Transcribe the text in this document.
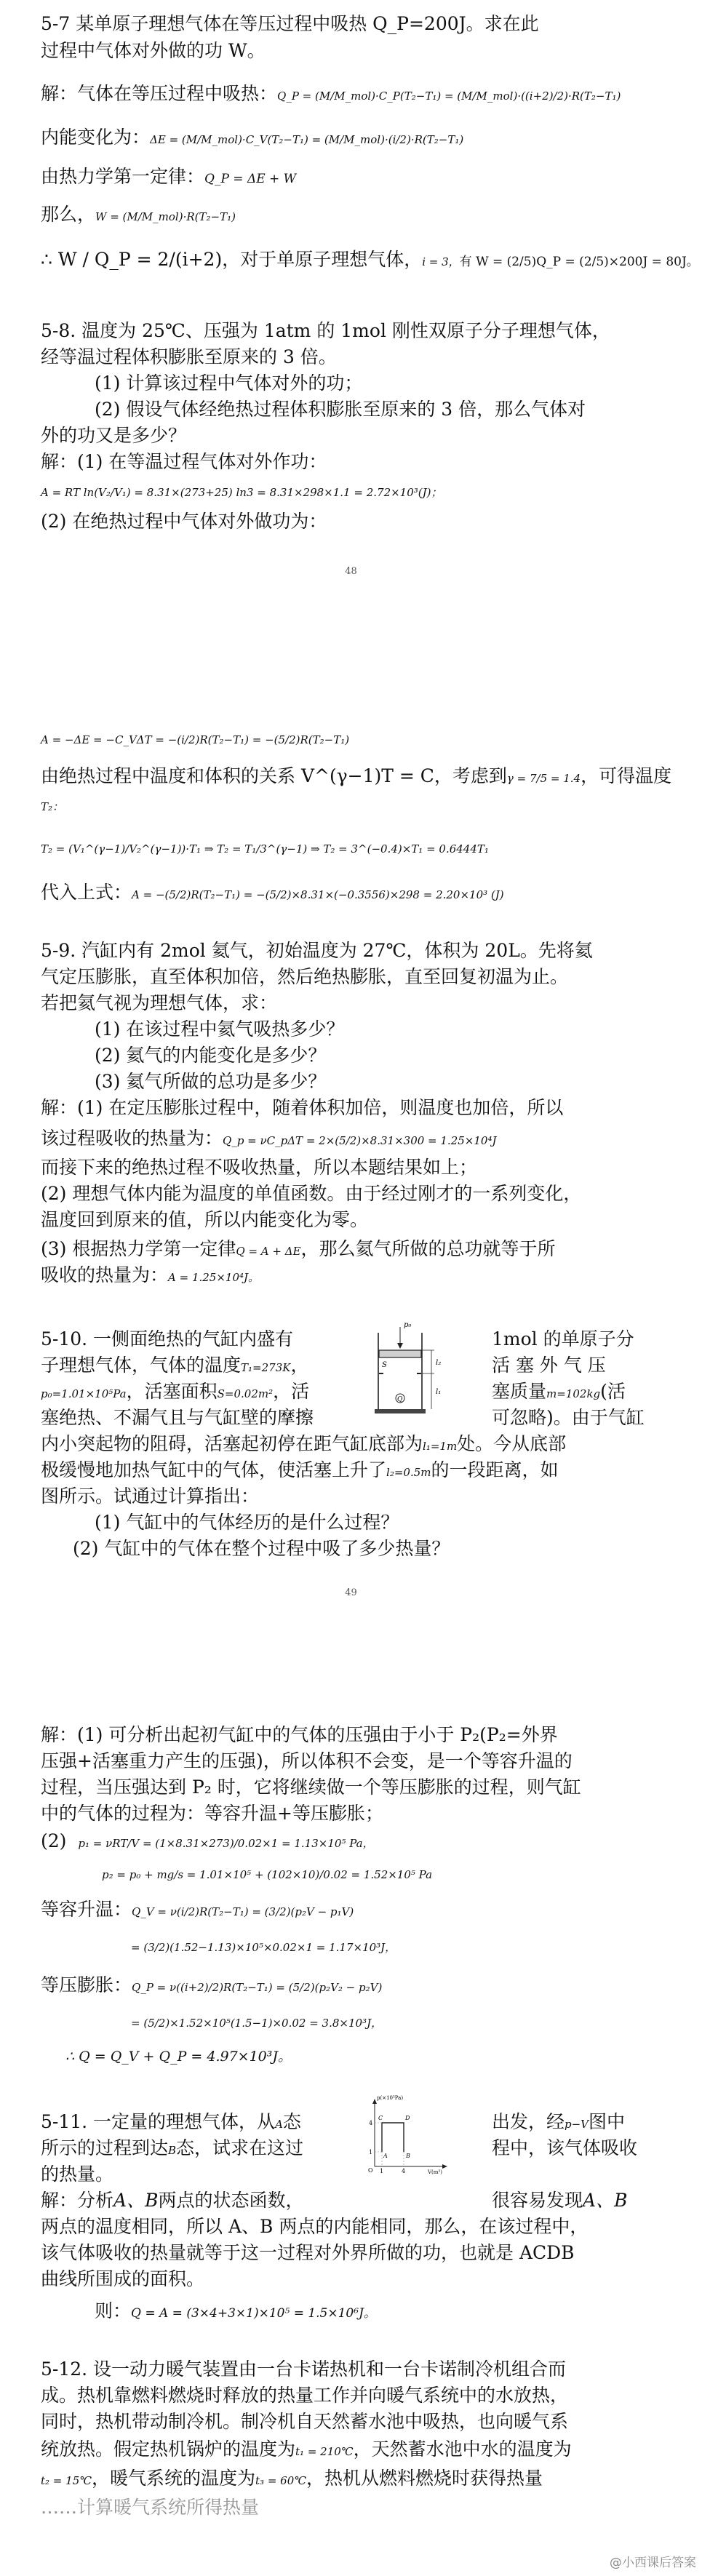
5-7 某单原子理想气体在等压过程中吸热 Q_P=200J。求在此
过程中气体对外做的功 W。
解：气体在等压过程中吸热：Q_P = (M/M_mol)·C_P(T₂−T₁) = (M/M_mol)·((i+2)/2)·R(T₂−T₁)
内能变化为：ΔE = (M/M_mol)·C_V(T₂−T₁) = (M/M_mol)·(i/2)·R(T₂−T₁)
由热力学第一定律：Q_P = ΔE + W
那么，W = (M/M_mol)·R(T₂−T₁)
∴ W / Q_P = 2/(i+2)，对于单原子理想气体，i = 3，有 W = (2/5)Q_P = (2/5)×200J = 80J。
5-8. 温度为 25℃、压强为 1atm 的 1mol 刚性双原子分子理想气体，
经等温过程体积膨胀至原来的 3 倍。
(1) 计算该过程中气体对外的功；
(2) 假设气体经绝热过程体积膨胀至原来的 3 倍，那么气体对
外的功又是多少？
解：(1) 在等温过程气体对外作功：
A = RT ln(V₂/V₁) = 8.31×(273+25) ln3 = 8.31×298×1.1 = 2.72×10³(J)；
(2) 在绝热过程中气体对外做功为：
48
A = −ΔE = −C_VΔT = −(i/2)R(T₂−T₁) = −(5/2)R(T₂−T₁)
由绝热过程中温度和体积的关系 V^(γ−1)T = C，考虑到γ = 7/5 = 1.4，可得温度
T₂：
T₂ = (V₁^(γ−1)/V₂^(γ−1))·T₁ ⇒ T₂ = T₁/3^(γ−1) ⇒ T₂ = 3^(−0.4)×T₁ = 0.6444T₁
代入上式：A = −(5/2)R(T₂−T₁) = −(5/2)×8.31×(−0.3556)×298 = 2.20×10³ (J)
5-9. 汽缸内有 2mol 氦气，初始温度为 27℃，体积为 20L。先将氦
气定压膨胀，直至体积加倍，然后绝热膨胀，直至回复初温为止。
若把氦气视为理想气体，求：
(1) 在该过程中氦气吸热多少？
(2) 氦气的内能变化是多少？
(3) 氦气所做的总功是多少？
解：(1) 在定压膨胀过程中，随着体积加倍，则温度也加倍，所以
该过程吸收的热量为：Q_p = νC_pΔT = 2×(5/2)×8.31×300 = 1.25×10⁴J
而接下来的绝热过程不吸收热量，所以本题结果如上；
(2) 理想气体内能为温度的单值函数。由于经过刚才的一系列变化，
温度回到原来的值，所以内能变化为零。
(3) 根据热力学第一定律Q = A + ΔE，那么氦气所做的总功就等于所
吸收的热量为：A = 1.25×10⁴J。
5-10. 一侧面绝热的气缸内盛有	1mol 的单原子分
子理想气体，气体的温度T₁=273K，	活 塞 外 气 压
p₀=1.01×10⁵Pa，活塞面积S=0.02m²，活	塞质量m=102kg(活
塞绝热、不漏气且与气缸壁的摩擦	可忽略)。由于气缸
内小突起物的阻碍，活塞起初停在距气缸底部为l₁=1m处。今从底部
极缓慢地加热气缸中的气体，使活塞上升了l₂=0.5m的一段距离，如
图所示。试通过计算指出：
(1) 气缸中的气体经历的是什么过程？
(2) 气缸中的气体在整个过程中吸了多少热量？
49
p₀
S	l₂
l₁
Q
解：(1) 可分析出起初气缸中的气体的压强由于小于 P₂(P₂=外界
压强+活塞重力产生的压强)，所以体积不会变，是一个等容升温的
过程，当压强达到 P₂ 时，它将继续做一个等压膨胀的过程，则气缸
中的气体的过程为：等容升温+等压膨胀；
(2) p₁ = νRT/V = (1×8.31×273)/0.02×1 = 1.13×10⁵ Pa，
p₂ = p₀ + mg/s = 1.01×10⁵ + (102×10)/0.02 = 1.52×10⁵ Pa
等容升温：Q_V = ν(i/2)R(T₂−T₁) = (3/2)(p₂V − p₁V)
= (3/2)(1.52−1.13)×10⁵×0.02×1 = 1.17×10³J，
等压膨胀：Q_P = ν((i+2)/2)R(T₂−T₁) = (5/2)(p₂V₂ − p₂V)
= (5/2)×1.52×10⁵(1.5−1)×0.02 = 3.8×10³J，
∴ Q = Q_V + Q_P = 4.97×10³J。
5-11. 一定量的理想气体，从A态	出发，经p−V图中
所示的过程到达B态，试求在这过	程中，该气体吸收
的热量。
解：分析A、B两点的状态函数，	很容易发现A、B
两点的温度相同，所以 A、B 两点的内能相同，那么，在该过程中，
该气体吸收的热量就等于这一过程对外界所做的功，也就是 ACDB
曲线所围成的面积。
则：Q = A = (3×4+3×1)×10⁵ = 1.5×10⁶J。
p(×10⁵Pa)
V(m³)
A	B
C	D
4
1
O 1	4
5-12. 设一动力暖气装置由一台卡诺热机和一台卡诺制冷机组合而
成。热机靠燃料燃烧时释放的热量工作并向暖气系统中的水放热，
同时，热机带动制冷机。制冷机自天然蓄水池中吸热，也向暖气系
统放热。假定热机锅炉的温度为t₁ = 210℃，天然蓄水池中水的温度为
t₂ = 15℃，暖气系统的温度为t₃ = 60℃，热机从燃料燃烧时获得热量
……计算暖气系统所得热量
@小西课后答案
